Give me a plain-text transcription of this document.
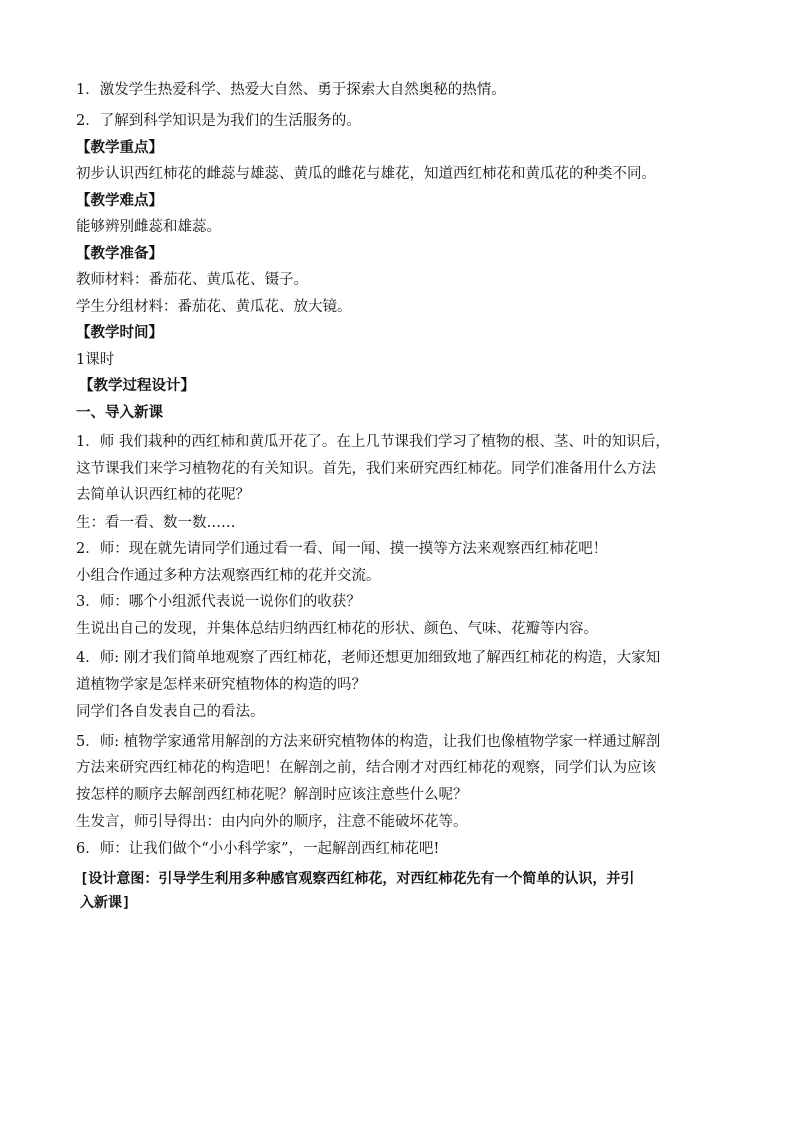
1．激发学生热爱科学、热爱大自然、勇于探索大自然奥秘的热情。
2．了解到科学知识是为我们的生活服务的。
【教学重点】
初步认识西红柿花的雌蕊与雄蕊、黄瓜的雌花与雄花，知道西红柿花和黄瓜花的种类不同。
【教学难点】
能够辨别雌蕊和雄蕊。
【教学准备】
教师材料：番茄花、黄瓜花、镊子。
学生分组材料：番茄花、黄瓜花、放大镜。
【教学时间】
1课时
【教学过程设计】
一、导入新课
1．师 我们栽种的西红柿和黄瓜开花了。在上几节课我们学习了植物的根、茎、叶的知识后，
这节课我们来学习植物花的有关知识。首先，我们来研究西红柿花。同学们准备用什么方法
去简单认识西红柿的花呢？
生：看一看、数一数……
2．师：现在就先请同学们通过看一看、闻一闻、摸一摸等方法来观察西红柿花吧！
小组合作通过多种方法观察西红柿的花并交流。
3．师：哪个小组派代表说一说你们的收获？
生说出自己的发现，并集体总结归纳西红柿花的形状、颜色、气味、花瓣等内容。
4．师: 刚才我们简单地观察了西红柿花，老师还想更加细致地了解西红柿花的构造，大家知
道植物学家是怎样来研究植物体的构造的吗？
同学们各自发表自己的看法。
5．师: 植物学家通常用解剖的方法来研究植物体的构造，让我们也像植物学家一样通过解剖
方法来研究西红柿花的构造吧！在解剖之前，结合刚才对西红柿花的观察，同学们认为应该
按怎样的顺序去解剖西红柿花呢？解剖时应该注意些什么呢？
生发言，师引导得出：由内向外的顺序，注意不能破坏花等。
6．师：让我们做个“小小科学家”，一起解剖西红柿花吧!
[设计意图：引导学生利用多种感官观察西红柿花，对西红柿花先有一个简单的认识，并引
入新课]
